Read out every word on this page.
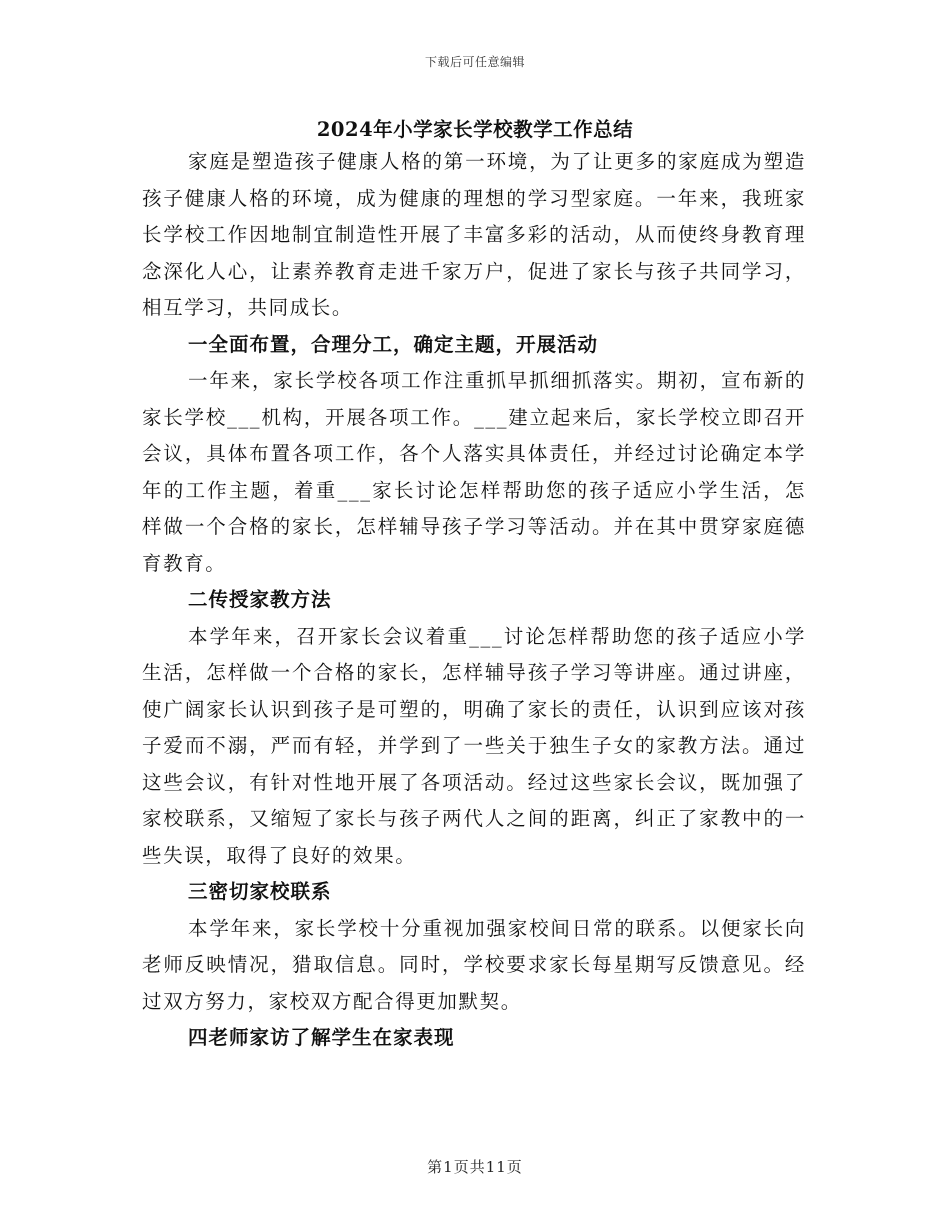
下载后可任意编辑
2024年小学家长学校教学工作总结

家庭是塑造孩子健康人格的第一环境，为了让更多的家庭成为塑造孩子健康人格的环境，成为健康的理想的学习型家庭。一年来，我班家长学校工作因地制宜制造性开展了丰富多彩的活动，从而使终身教育理念深化人心，让素养教育走进千家万户，促进了家长与孩子共同学习，相互学习，共同成长。

一全面布置，合理分工，确定主题，开展活动

一年来，家长学校各项工作注重抓早抓细抓落实。期初，宣布新的家长学校___机构，开展各项工作。___建立起来后，家长学校立即召开会议，具体布置各项工作，各个人落实具体责任，并经过讨论确定本学年的工作主题，着重___家长讨论怎样帮助您的孩子适应小学生活，怎样做一个合格的家长，怎样辅导孩子学习等活动。并在其中贯穿家庭德育教育。

二传授家教方法

本学年来，召开家长会议着重___讨论怎样帮助您的孩子适应小学生活，怎样做一个合格的家长，怎样辅导孩子学习等讲座。通过讲座，使广阔家长认识到孩子是可塑的，明确了家长的责任，认识到应该对孩子爱而不溺，严而有轻，并学到了一些关于独生子女的家教方法。通过这些会议，有针对性地开展了各项活动。经过这些家长会议，既加强了家校联系，又缩短了家长与孩子两代人之间的距离，纠正了家教中的一些失误，取得了良好的效果。

三密切家校联系

本学年来，家长学校十分重视加强家校间日常的联系。以便家长向老师反映情况，猎取信息。同时，学校要求家长每星期写反馈意见。经过双方努力，家校双方配合得更加默契。

四老师家访了解学生在家表现

第1页共11页
